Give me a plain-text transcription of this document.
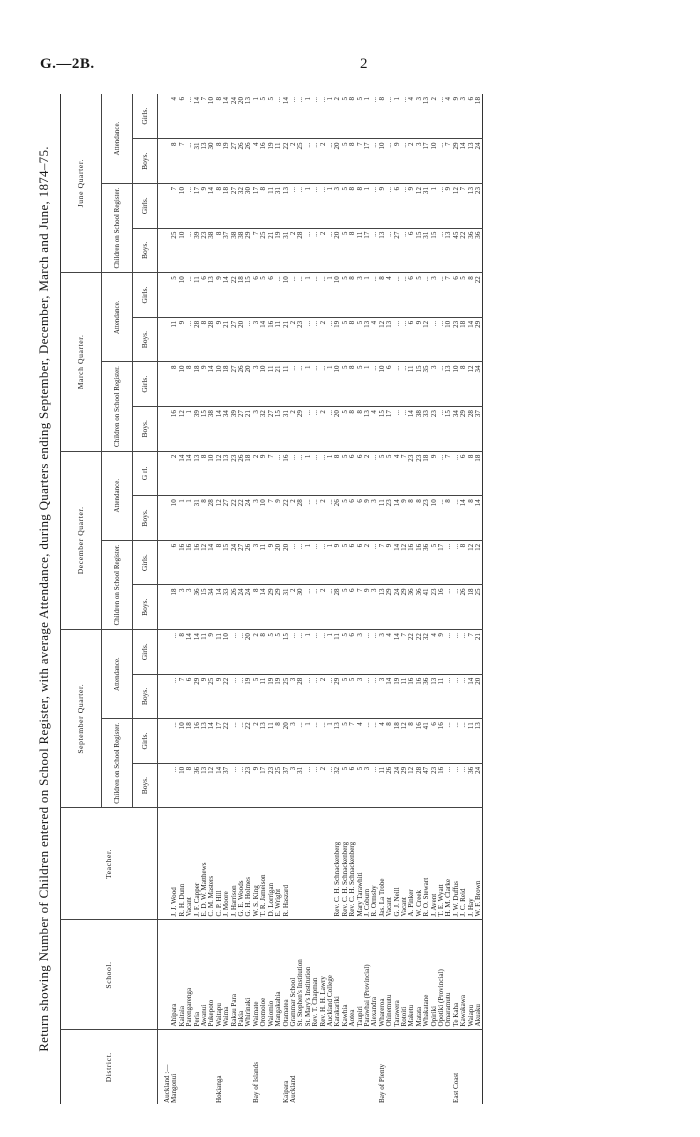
G.—2B.	2
Return showing Number of Children entered on School Register, with average Attendance, during Quarters ending September, December, March and June, 1874–75.
District.	School.	Teacher.	September Quarter.				December Quarter.				March Quarter.				June Quarter.			
			Children on School Register.		Attendance.		Children on School Register.		Attendance.		Children on School Register.		Attendance.		Children on School Register.		Attendance.	
			Boys.	Girls.	Boys.	Girls.	Boys.	Girls.	Boys.	G rl.	Boys.	Girls.	Boys.	Girls.	Boys.	Girls.	Boys.	Girls.
Auckland :—																		
Mangonui	Ahipara	J. J. Wood	...	...	...	...	18	6	10	2	16	8	11	5	25	7	8	4
	Kaitaia	R. H. Dunn	10	10	7	8	3	16	1	14	12	10	9	10	10	10	7	6
	Parengarenga	Vacant	8	18	6	14	3	16	1	14	1	8	...	...	...	...	...	...
	Peria	J. F. Capper	36	16	29	14	36	16	31	13	39	18	28	11	39	17	31	14
	Awanui	E. D. W. Matthews	13	13	9	11	15	12	8	8	15	9	8	6	23	9	13	7
	Pukepoto	C. M. Masters	12	14	25	9	34	14	28	10	38	14	28	13	38	14	30	10
Hokianga	Waitapu	C. P. Hill	14	17	9	11	14	8	12	12	14	10	9	9	8	8	8	8
	Waima	J. Moore	37	22	22	10	33	15	27	13	34	18	21	14	37	18	19	14
	Rakau Para	J. Harrison	...	...	...	...	26	24	22	23	39	27	27	22	38	27	27	24
	Pakia	G. E. Woods	...	...	...	...	24	27	22	26	27	26	20	18	38	32	26	20
	Whirinaki	G. H. Holmes	23	22	19	20	24	26	24	18	21	20	...	15	29	30	26	13
Bay of Islands	Waimate	W. S. King	9	2	5	2	8	3	3	2	3	3	3	6	7	17	4	1
	Oromoloe	T. R. Jameison	17	13	11	8	14	11	10	9	32	10	14	5	25	8	16	5
	Waiomio	D. Lorrigan	23	11	19	5	29	9	7	7	27	11	16	6	21	11	19	5
	Mangakahia	E. Wright	25	8	19	5	29	20	9	...	15	21	11	...	19	31	11	...
Kaipara	Otamatea	R. Haszard	37	20	25	15	31	20	22	16	31	11	21	10	31	13	22	14
Auckland	Grammar School		3	3	3	...	2	...	2	...	2	...	2	...	2	...	2	...
	St. Stephen's Institution		31	...	28	...	30	...	28	...	29	...	23	...	28	...	25	...
	St. Mary's Institution		...	1	...	1	...	1	...	1	...	1	...	1	...	1	...	1
	Rev. T. Chapman		...	...	...	...	...	...	...	...	...	...	...	...	...	...	...	...
	Rev. H. H. Lawry		2	...	2	...	2	...	2	...	2	...	2	...	2	...	2	...
	Auckland College		...	1	...	1	...	1	...	1	...	1	...	1	...	1	...	1
	Karakariki	Rev. C. H. Schnackenberg	32	13	29	11	28	9	26	8	20	10	19	10	20	3	20	2
	Kawhia	Rev. C. H. Schnackenberg	5	5	5	5	5	5	5	5	5	5	5	5	5	5	5	5
	Aotea	Rev. C. H. Schnackenberg	6	7	5	6	6	6	6	6	8	8	8	8	8	8	8	8
	Taupiri	Mary Tarawhiti	5	4	3	3	7	6	6	6	8	5	5	3	11	8	7	5
	Parawhai (Provincial)	J. Coburn	3	...	...	...	9	2	9	2	13	1	13	1	17	1	17	1
	Alexandra	R. Ormsby	...	...	...	...	3	...	3	...	4	...	4	...	...	...	...	...
Bay of Plenty	Whareroa	Jas. La Trobe	11	4	3	3	13	7	11	5	15	10	12	8	13	9	10	8
	Ohinemutu	Vacant	26	8	14	4	29	9	23	5	17	6	13	4	...	...	...	...
	Tarawera	G. J. Neill	24	18	19	14	24	14	14	4	...	...	...	...	27	6	9	1
	Rotoiti	Vacant	29	12	11	7	29	12	9	7	...	...	...	...	...	...	...	...
	Maketu	A. Pinker	12	8	16	22	36	16	8	23	14	11	6	6	6	9	2	4
	Matata	W. Creek	28	16	16	22	36	16	8	23	38	15	9	5	15	12	3	3
	Whakatane	R. O. Stewart	47	41	36	32	41	36	23	18	33	35	12	...	31	31	17	13
	Opiriki	J. Avent	23	6	13	4	23	5	10	9	23	3	...	3	15	1	10	2
	Opotiki (Provincial)	T. E. Wyatt	16	16	11	9	16	17	...	...	...	...	...	...	...	...	...	...
	Omaramutu	H. M. Clarke	...	...	...	...	...	...	8	7	15	13	10	7	13	9	7	4
East Coast	Te Kaha	J. W. Duffus	...	...	...	...	...	...	...	...	34	10	23	6	45	12	29	9
	Kawakawa	J. C. Reid	...	...	...	...	26	8	14	6	29	8	18	5	22	7	14	3
	Waiapu	J. Hay	36	11	14	7	18	12	8	8	28	12	14	8	36	13	13	6
	Akuaku	W. F. Brown	24	13	20	21	25	12	14	18	37	34	29	22	36	23	24	18
